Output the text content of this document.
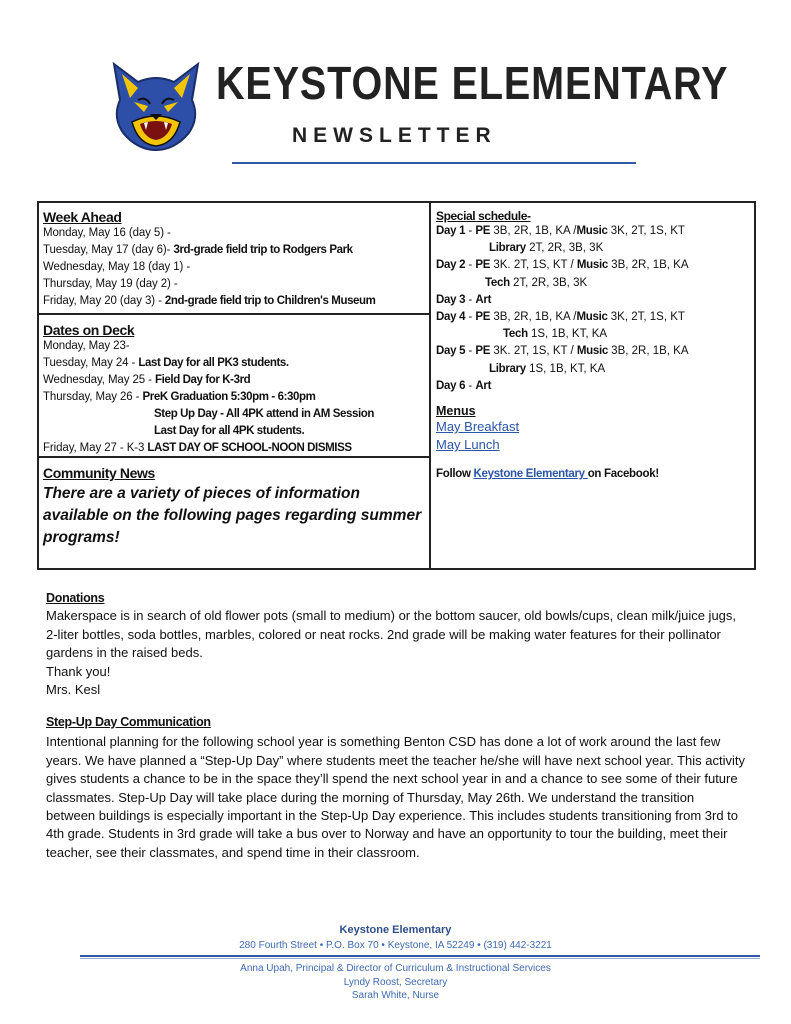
KEYSTONE ELEMENTARY
NEWSLETTER
Week Ahead
Monday, May 16 (day 5) -
Tuesday, May 17 (day 6)- 3rd-grade field trip to Rodgers Park
Wednesday, May 18 (day 1) -
Thursday, May 19 (day 2) -
Friday, May 20 (day 3) - 2nd-grade field trip to Children's Museum
Dates on Deck
Monday, May 23-
Tuesday, May 24 - Last Day for all PK3 students.
Wednesday, May 25 - Field Day for K-3rd
Thursday, May 26 - PreK Graduation 5:30pm - 6:30pm
Step Up Day - All 4PK attend in AM Session
Last Day for all 4PK students.
Friday, May 27 - K-3 LAST DAY OF SCHOOL-NOON DISMISS
Community News
There are a variety of pieces of information available on the following pages regarding summer programs!
Special schedule-
Day 1 - PE 3B, 2R, 1B, KA /Music 3K, 2T, 1S, KT
Library 2T, 2R, 3B, 3K
Day 2 - PE 3K. 2T, 1S, KT / Music 3B, 2R, 1B, KA
Tech 2T, 2R, 3B, 3K
Day 3 - Art
Day 4 - PE 3B, 2R, 1B, KA /Music 3K, 2T, 1S, KT
Tech 1S, 1B, KT, KA
Day 5 - PE 3K. 2T, 1S, KT / Music 3B, 2R, 1B, KA
Library 1S, 1B, KT, KA
Day 6 - Art
Menus
May Breakfast
May Lunch
Follow Keystone Elementary on Facebook!
Donations
Makerspace is in search of old flower pots (small to medium) or the bottom saucer, old bowls/cups, clean milk/juice jugs, 2-liter bottles, soda bottles, marbles, colored or neat rocks. 2nd grade will be making water features for their pollinator gardens in the raised beds.
Thank you!
Mrs. Kesl
Step-Up Day Communication
Intentional planning for the following school year is something Benton CSD has done a lot of work around the last few years. We have planned a “Step-Up Day” where students meet the teacher he/she will have next school year. This activity gives students a chance to be in the space they’ll spend the next school year in and a chance to see some of their future classmates. Step-Up Day will take place during the morning of Thursday, May 26th. We understand the transition between buildings is especially important in the Step-Up Day experience. This includes students transitioning from 3rd to 4th grade. Students in 3rd grade will take a bus over to Norway and have an opportunity to tour the building, meet their teacher, see their classmates, and spend time in their classroom.
Keystone Elementary
280 Fourth Street • P.O. Box 70 • Keystone, IA 52249 • (319) 442-3221
Anna Upah, Principal & Director of Curriculum & Instructional Services
Lyndy Roost, Secretary
Sarah White, Nurse
